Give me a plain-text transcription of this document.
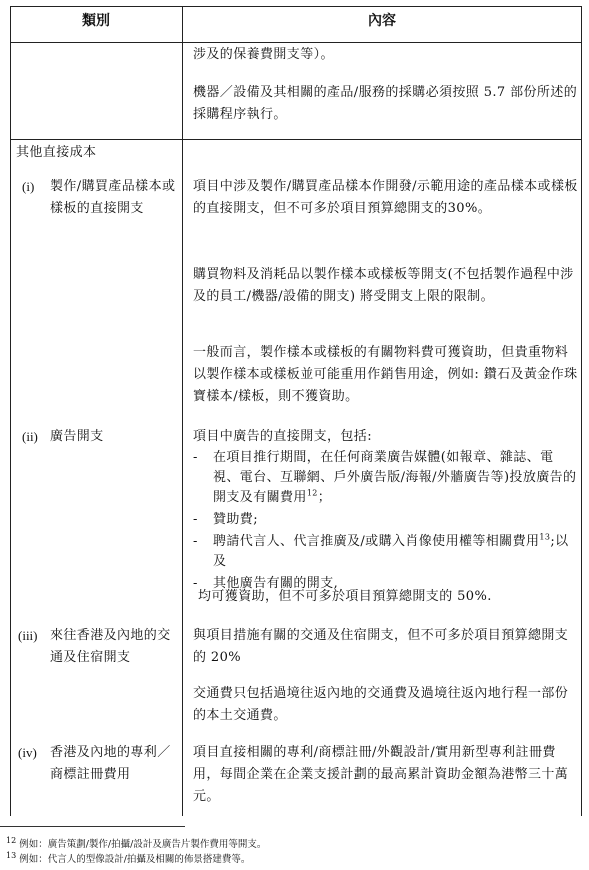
類別	內容
涉及的保養費開支等）。
機器／設備及其相關的產品/服務的採購必須按照 5.7 部份所述的採購程序執行。
其他直接成本
(i) 製作/購買產品樣本或樣板的直接開支
項目中涉及製作/購買產品樣本作開發/示範用途的產品樣本或樣板的直接開支，但不可多於項目預算總開支的30%。
購買物料及消耗品以製作樣本或樣板等開支(不包括製作過程中涉及的員工/機器/設備的開支) 將受開支上限的限制。
一般而言，製作樣本或樣板的有關物料費可獲資助，但貴重物料以製作樣本或樣板並可能重用作銷售用途，例如: 鑽石及黃金作珠寶樣本/樣板，則不獲資助。
(ii) 廣告開支	項目中廣告的直接開支，包括:
- 在項目推行期間，在任何商業廣告媒體(如報章、雜誌、電視、電台、互聯網、戶外廣告版/海報/外牆廣告等)投放廣告的開支及有關費用$^{12}$；
- 贊助費;
- 聘請代言人、代言推廣及/或購入肖像使用權等相關費用$^{13}$;以及
- 其他廣告有關的開支,
均可獲資助，但不可多於項目預算總開支的 50%.
(iii) 來往香港及內地的交通及住宿開支
與項目措施有關的交通及住宿開支，但不可多於項目預算總開支的 20%
交通費只包括過境往返內地的交通費及過境往返內地行程一部份的本土交通費。
(iv) 香港及內地的專利／商標註冊費用
項目直接相關的專利/商標註冊/外觀設計/實用新型專利註冊費用，每間企業在企業支援計劃的最高累計資助金額為港幣三十萬元。
$^{12}$ 例如：廣告策劃/製作/拍攝/設計及廣告片製作費用等開支。
$^{13}$ 例如：代言人的型像設計/拍攝及相關的佈景搭建費等。
